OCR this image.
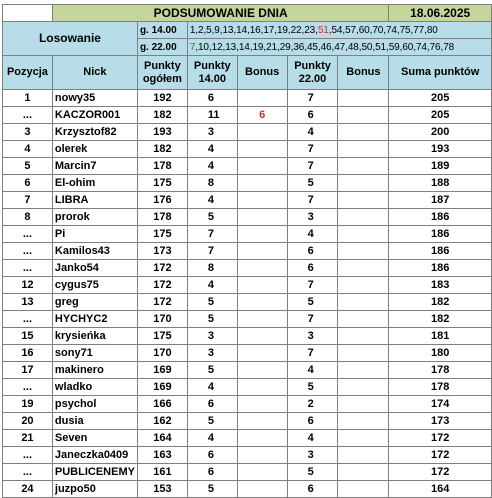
	PODSUMOWANIE DNIA						18.06.2025
Losowanie		g. 14.00	1,2,5,9,13,14,16,17,19,22,23,51,54,57,60,70,74,75,77,80				
		g. 22.00	7,10,12,13,14,19,21,29,36,45,46,47,48,50,51,59,60,74,76,78				
Pozycja	Nick	Punkty ogółem	Punkty 14.00	Bonus	Punkty 22.00	Bonus	Suma punktów
1	nowy35	192	6		7		205
...	KACZOR001	182	11	6	6		205
3	Krzysztof82	193	3		4		200
4	olerek	182	4		7		193
5	Marcin7	178	4		7		189
6	El-ohim	175	8		5		188
7	LIBRA	176	4		7		187
8	prorok	178	5		3		186
...	Pi	175	7		4		186
...	Kamilos43	173	7		6		186
...	Janko54	172	8		6		186
12	cygus75	172	4		7		183
13	greg	172	5		5		182
...	HYCHYC2	170	5		7		182
15	krysieńka	175	3		3		181
16	sony71	170	3		7		180
17	makinero	169	5		4		178
...	wladko	169	4		5		178
19	psychol	166	6		2		174
20	dusia	162	5		6		173
21	Seven	164	4		4		172
...	Janeczka0409	163	6		3		172
...	PUBLICENEMY	161	6		5		172
24	juzpo50	153	5		6		164
